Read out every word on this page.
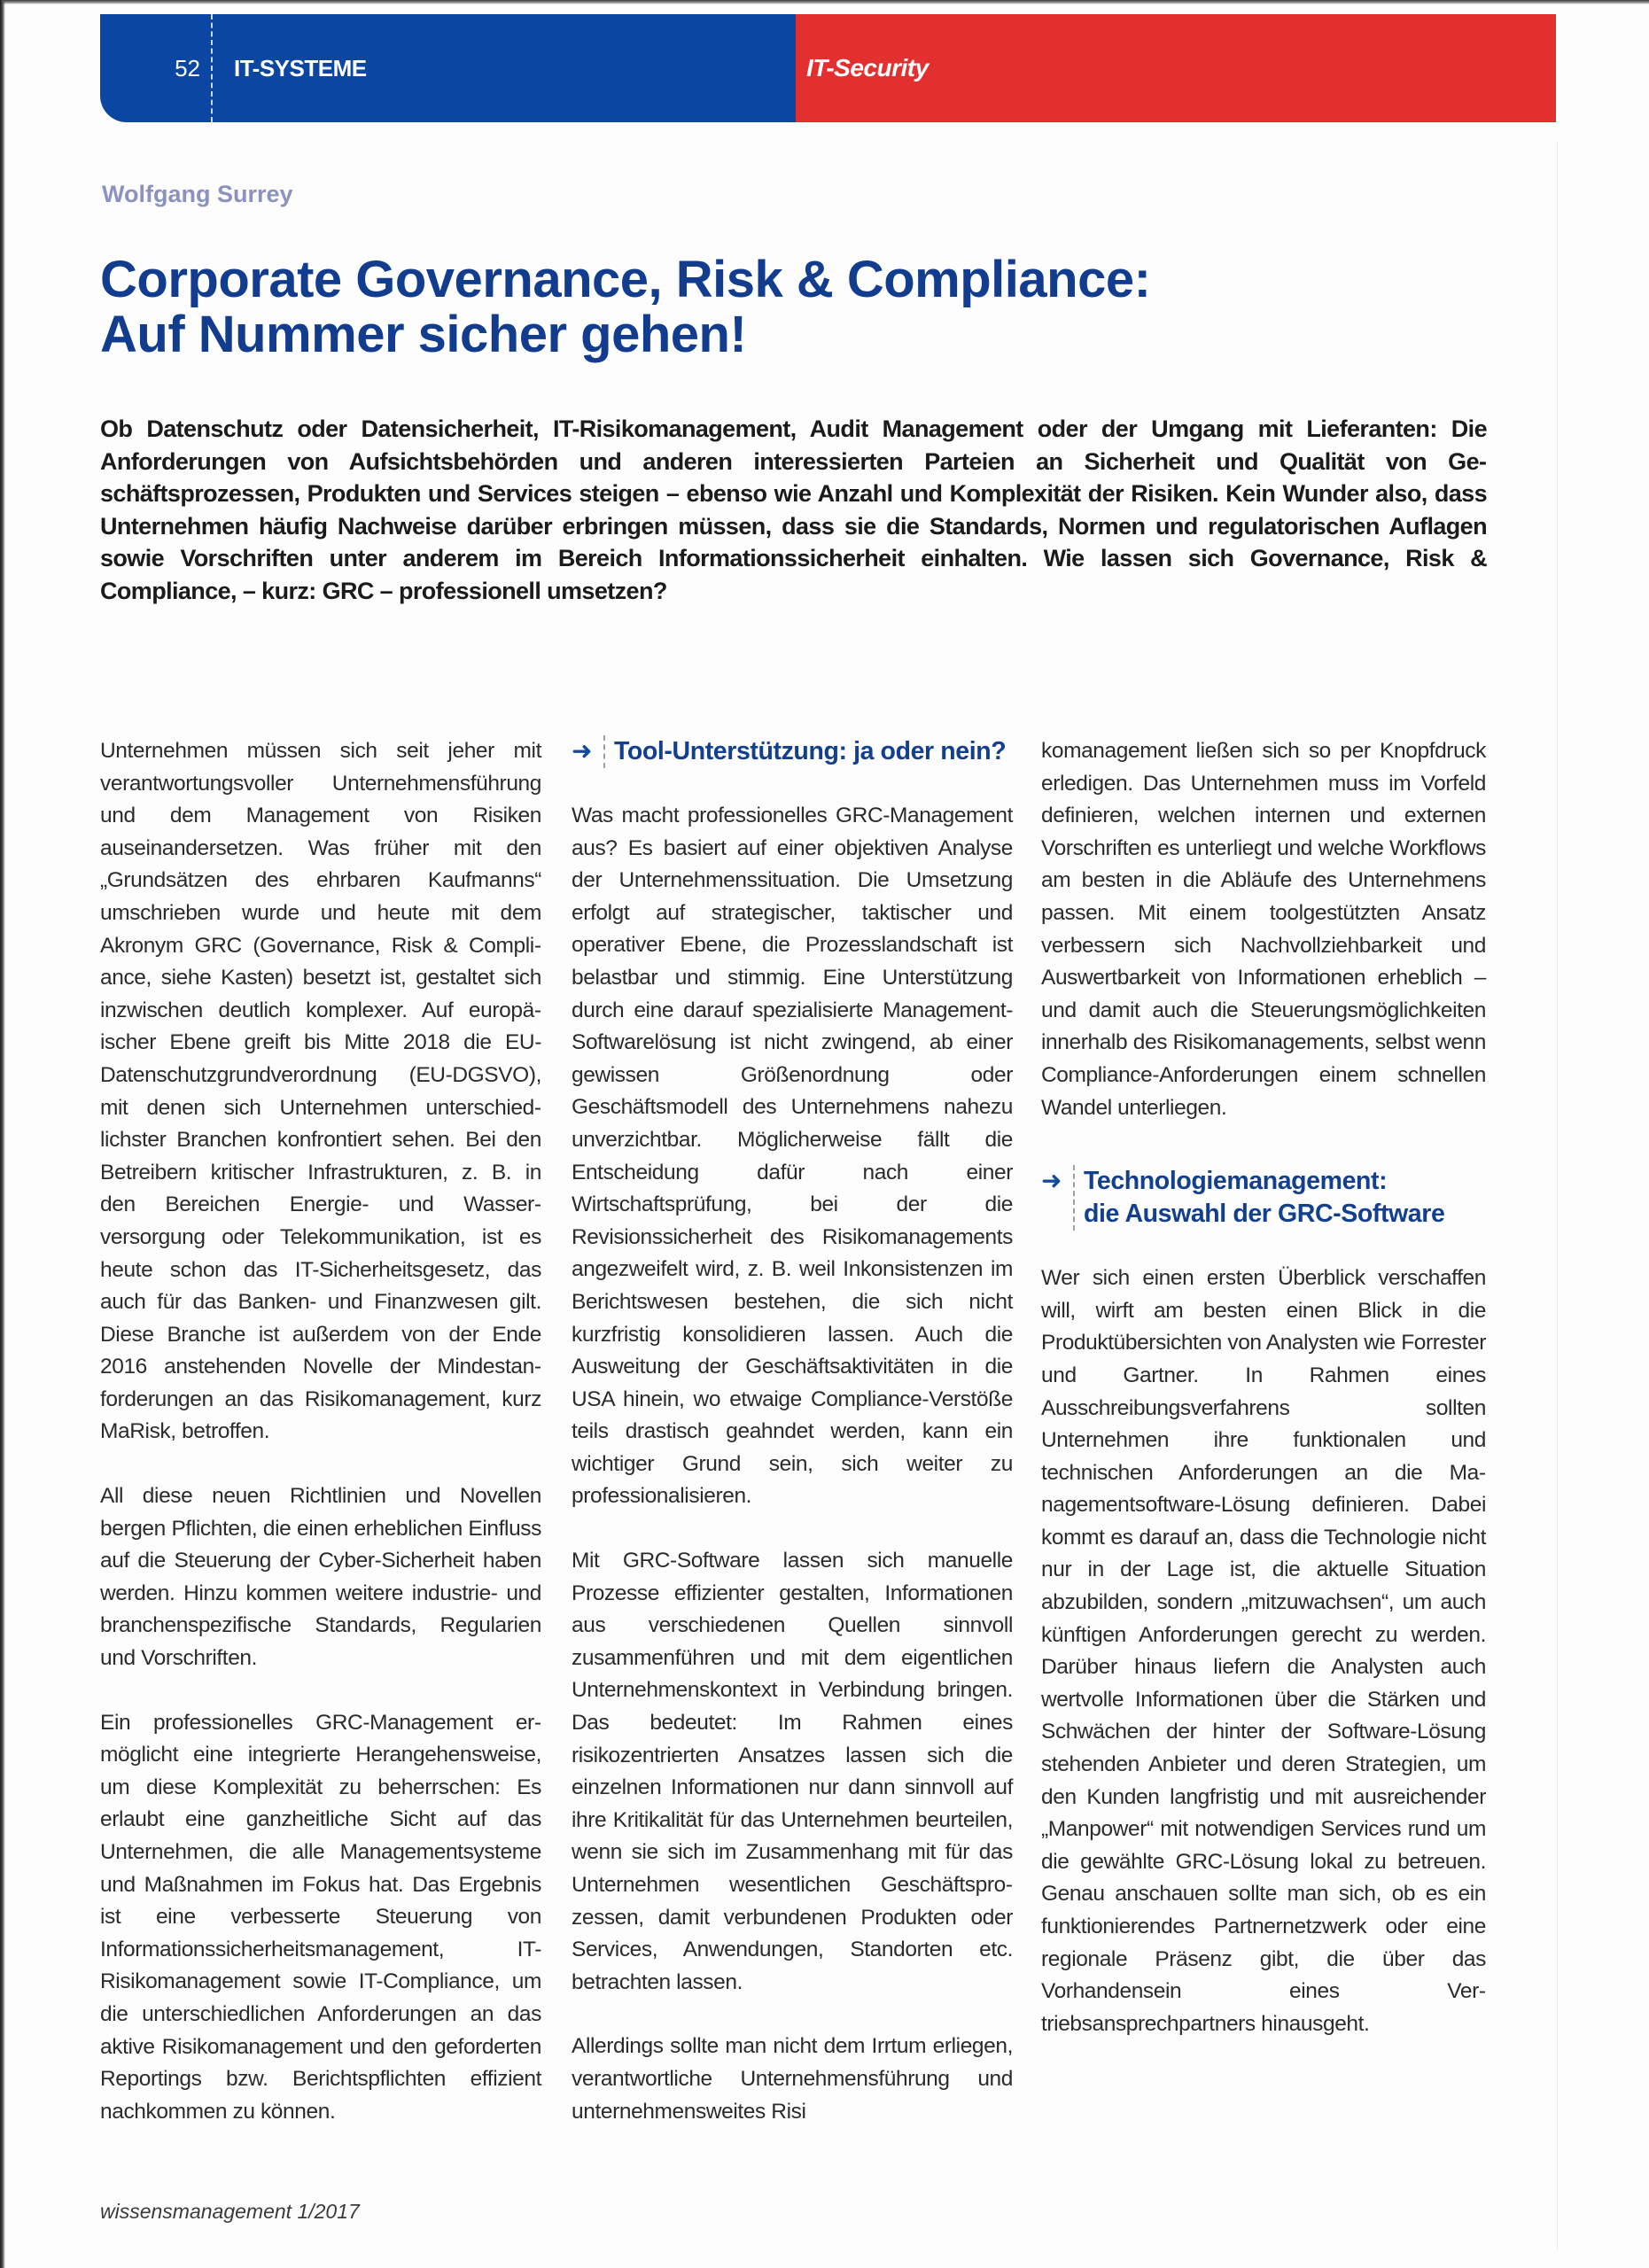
52	IT-SYSTEME	IT-Security
Wolfgang Surrey
Corporate Governance, Risk & Compliance:
Auf Nummer sicher gehen!

Ob Datenschutz oder Datensicherheit, IT-Risikomanagement, Audit Management oder der Umgang mit Lieferanten: Die Anforderungen von Aufsichtsbehörden und anderen interessierten Parteien an Sicherheit und Qualität von Geschäftsprozessen, Produkten und Services steigen – ebenso wie Anzahl und Komplexität der Risiken. Kein Wunder also, dass Unternehmen häufig Nachweise darüber erbringen müssen, dass sie die Standards, Normen und regulatorischen Auflagen sowie Vorschriften unter anderem im Bereich Informationssicherheit einhalten. Wie lassen sich Governance, Risk & Compliance, – kurz: GRC – professionell umsetzen?

Unternehmen müssen sich seit jeher mit verantwortungsvoller Unternehmensführung und dem Management von Risiken auseinandersetzen. Was früher mit den „Grundsätzen des ehrbaren Kaufmanns“ umschrieben wurde und heute mit dem Akronym GRC (Governance, Risk & Compliance, siehe Kasten) besetzt ist, gestaltet sich inzwischen deutlich komplexer. Auf europäischer Ebene greift bis Mitte 2018 die EU-Datenschutzgrundverordnung (EU-DGSVO), mit denen sich Unternehmen unterschiedlichster Branchen konfrontiert sehen. Bei den Betreibern kritischer Infrastrukturen, z. B. in den Bereichen Energie- und Wasserversorgung oder Telekommunikation, ist es heute schon das IT-Sicherheitsgesetz, das auch für das Banken- und Finanzwesen gilt. Diese Branche ist außerdem von der Ende 2016 anstehenden Novelle der Mindestanforderungen an das Risikomanagement, kurz MaRisk, betroffen.

All diese neuen Richtlinien und Novellen bergen Pflichten, die einen erheblichen Einfluss auf die Steuerung der Cyber-Sicherheit haben werden. Hinzu kommen weitere industrie- und branchenspezifische Standards, Regularien und Vorschriften.

Ein professionelles GRC-Management ermöglicht eine integrierte Herangehensweise, um diese Komplexität zu beherrschen: Es erlaubt eine ganzheitliche Sicht auf das Unternehmen, die alle Managementsysteme und Maßnahmen im Fokus hat. Das Ergebnis ist eine verbesserte Steuerung von Informationssicherheitsmanagement, IT-Risikomanagement sowie IT-Compliance, um die unterschiedlichen Anforderungen an das aktive Risikomanagement und den geforderten Reportings bzw. Berichtspflichten effizient nachkommen zu können.

➜ Tool-Unterstützung: ja oder nein?

Was macht professionelles GRC-Management aus? Es basiert auf einer objektiven Analyse der Unternehmenssituation. Die Umsetzung erfolgt auf strategischer, taktischer und operativer Ebene, die Prozesslandschaft ist belastbar und stimmig. Eine Unterstützung durch eine darauf spezialisierte Management-Softwarelösung ist nicht zwingend, ab einer gewissen Größenordnung oder Geschäftsmodell des Unternehmens nahezu unverzichtbar. Möglicherweise fällt die Entscheidung dafür nach einer Wirtschaftsprüfung, bei der die Revisionssicherheit des Risikomanagements angezweifelt wird, z. B. weil Inkonsistenzen im Berichtswesen bestehen, die sich nicht kurzfristig konsolidieren lassen. Auch die Ausweitung der Geschäftsaktivitäten in die USA hinein, wo etwaige Compliance-Verstöße teils drastisch geahndet werden, kann ein wichtiger Grund sein, sich weiter zu professionalisieren.

Mit GRC-Software lassen sich manuelle Prozesse effizienter gestalten, Informationen aus verschiedenen Quellen sinnvoll zusammenführen und mit dem eigentlichen Unternehmenskontext in Verbindung bringen. Das bedeutet: Im Rahmen eines risikozentrierten Ansatzes lassen sich die einzelnen Informationen nur dann sinnvoll auf ihre Kritikalität für das Unternehmen beurteilen, wenn sie sich im Zusammenhang mit für das Unternehmen wesentlichen Geschäftsprozessen, damit verbundenen Produkten oder Services, Anwendungen, Standorten etc. betrachten lassen.

Allerdings sollte man nicht dem Irrtum erliegen, verantwortliche Unternehmensführung und unternehmensweites Risi

komanagement ließen sich so per Knopfdruck erledigen. Das Unternehmen muss im Vorfeld definieren, welchen internen und externen Vorschriften es unterliegt und welche Workflows am besten in die Abläufe des Unternehmens passen. Mit einem toolgestützten Ansatz verbessern sich Nachvollziehbarkeit und Auswertbarkeit von Informationen erheblich – und damit auch die Steuerungsmöglichkeiten innerhalb des Risikomanagements, selbst wenn Compliance-Anforderungen einem schnellen Wandel unterliegen.

➜ Technologiemanagement:
die Auswahl der GRC-Software

Wer sich einen ersten Überblick verschaffen will, wirft am besten einen Blick in die Produktübersichten von Analysten wie Forrester und Gartner. In Rahmen eines Ausschreibungsverfahrens sollten Unternehmen ihre funktionalen und technischen Anforderungen an die Managementsoftware-Lösung definieren. Dabei kommt es darauf an, dass die Technologie nicht nur in der Lage ist, die aktuelle Situation abzubilden, sondern „mitzuwachsen“, um auch künftigen Anforderungen gerecht zu werden. Darüber hinaus liefern die Analysten auch wertvolle Informationen über die Stärken und Schwächen der hinter der Software-Lösung stehenden Anbieter und deren Strategien, um den Kunden langfristig und mit ausreichender „Manpower“ mit notwendigen Services rund um die gewählte GRC-Lösung lokal zu betreuen. Genau anschauen sollte man sich, ob es ein funktionierendes Partnernetzwerk oder eine regionale Präsenz gibt, die über das Vorhandensein eines Vertriebsansprechpartners hinausgeht.

wissensmanagement 1/2017
